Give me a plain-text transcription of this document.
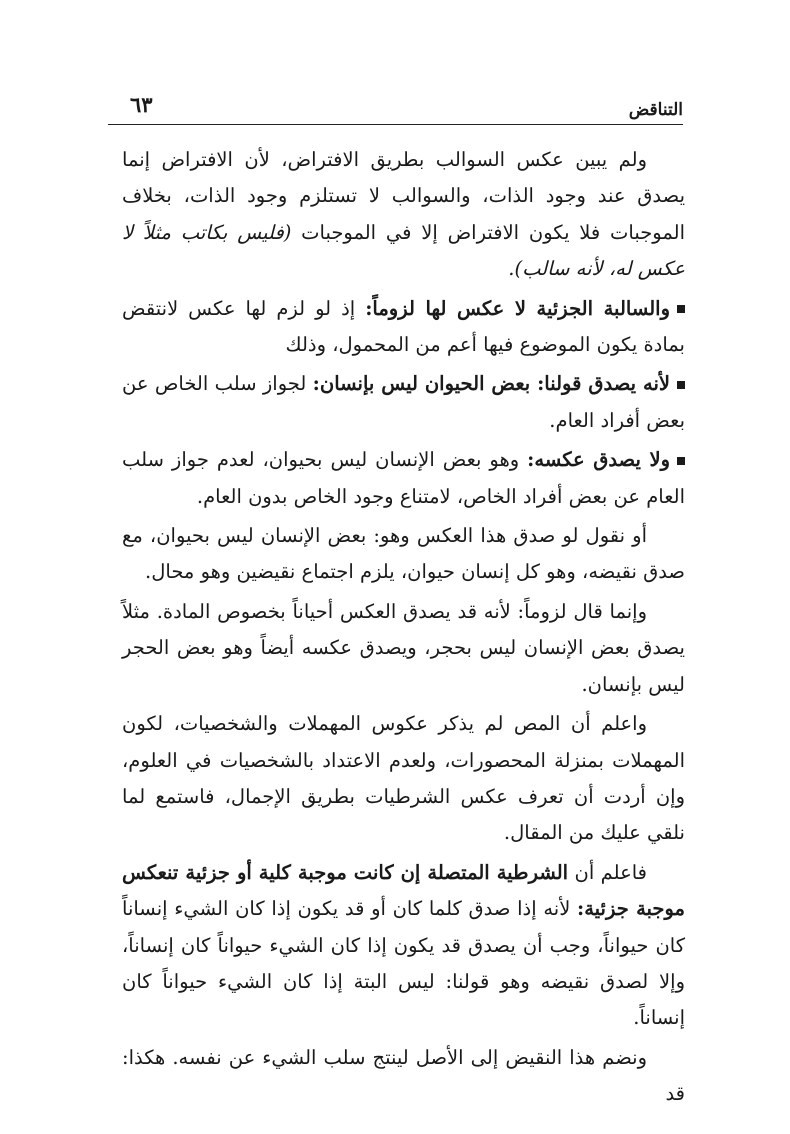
٦٣	التناقض

ولم يبين عكس السوالب بطريق الافتراض، لأن الافتراض إنما يصدق عند وجود الذات، والسوالب لا تستلزم وجود الذات، بخلاف الموجبات فلا يكون الافتراض إلا في الموجبات (فليس بكاتب مثلاً لا عكس له، لأنه سالب).

والسالبة الجزئية لا عكس لها لزوماً: إذ لو لزم لها عكس لانتقض بمادة يكون الموضوع فيها أعم من المحمول، وذلك

لأنه يصدق قولنا: بعض الحيوان ليس بإنسان: لجواز سلب الخاص عن بعض أفراد العام.

ولا يصدق عكسه: وهو بعض الإنسان ليس بحيوان، لعدم جواز سلب العام عن بعض أفراد الخاص، لامتناع وجود الخاص بدون العام.

أو نقول لو صدق هذا العكس وهو: بعض الإنسان ليس بحيوان، مع صدق نقيضه، وهو كل إنسان حيوان، يلزم اجتماع نقيضين وهو محال.

وإنما قال لزوماً: لأنه قد يصدق العكس أحياناً بخصوص المادة. مثلاً يصدق بعض الإنسان ليس بحجر، ويصدق عكسه أيضاً وهو بعض الحجر ليس بإنسان.

واعلم أن المص لم يذكر عكوس المهملات والشخصيات، لكون المهملات بمنزلة المحصورات، ولعدم الاعتداد بالشخصيات في العلوم، وإن أردت أن تعرف عكس الشرطيات بطريق الإجمال، فاستمع لما نلقي عليك من المقال.

فاعلم أن الشرطية المتصلة إن كانت موجبة كلية أو جزئية تنعكس موجبة جزئية: لأنه إذا صدق كلما كان أو قد يكون إذا كان الشيء إنساناً كان حيواناً، وجب أن يصدق قد يكون إذا كان الشيء حيواناً كان إنساناً، وإلا لصدق نقيضه وهو قولنا: ليس البتة إذا كان الشيء حيواناً كان إنساناً.

ونضم هذا النقيض إلى الأصل لينتج سلب الشيء عن نفسه. هكذا: قد
